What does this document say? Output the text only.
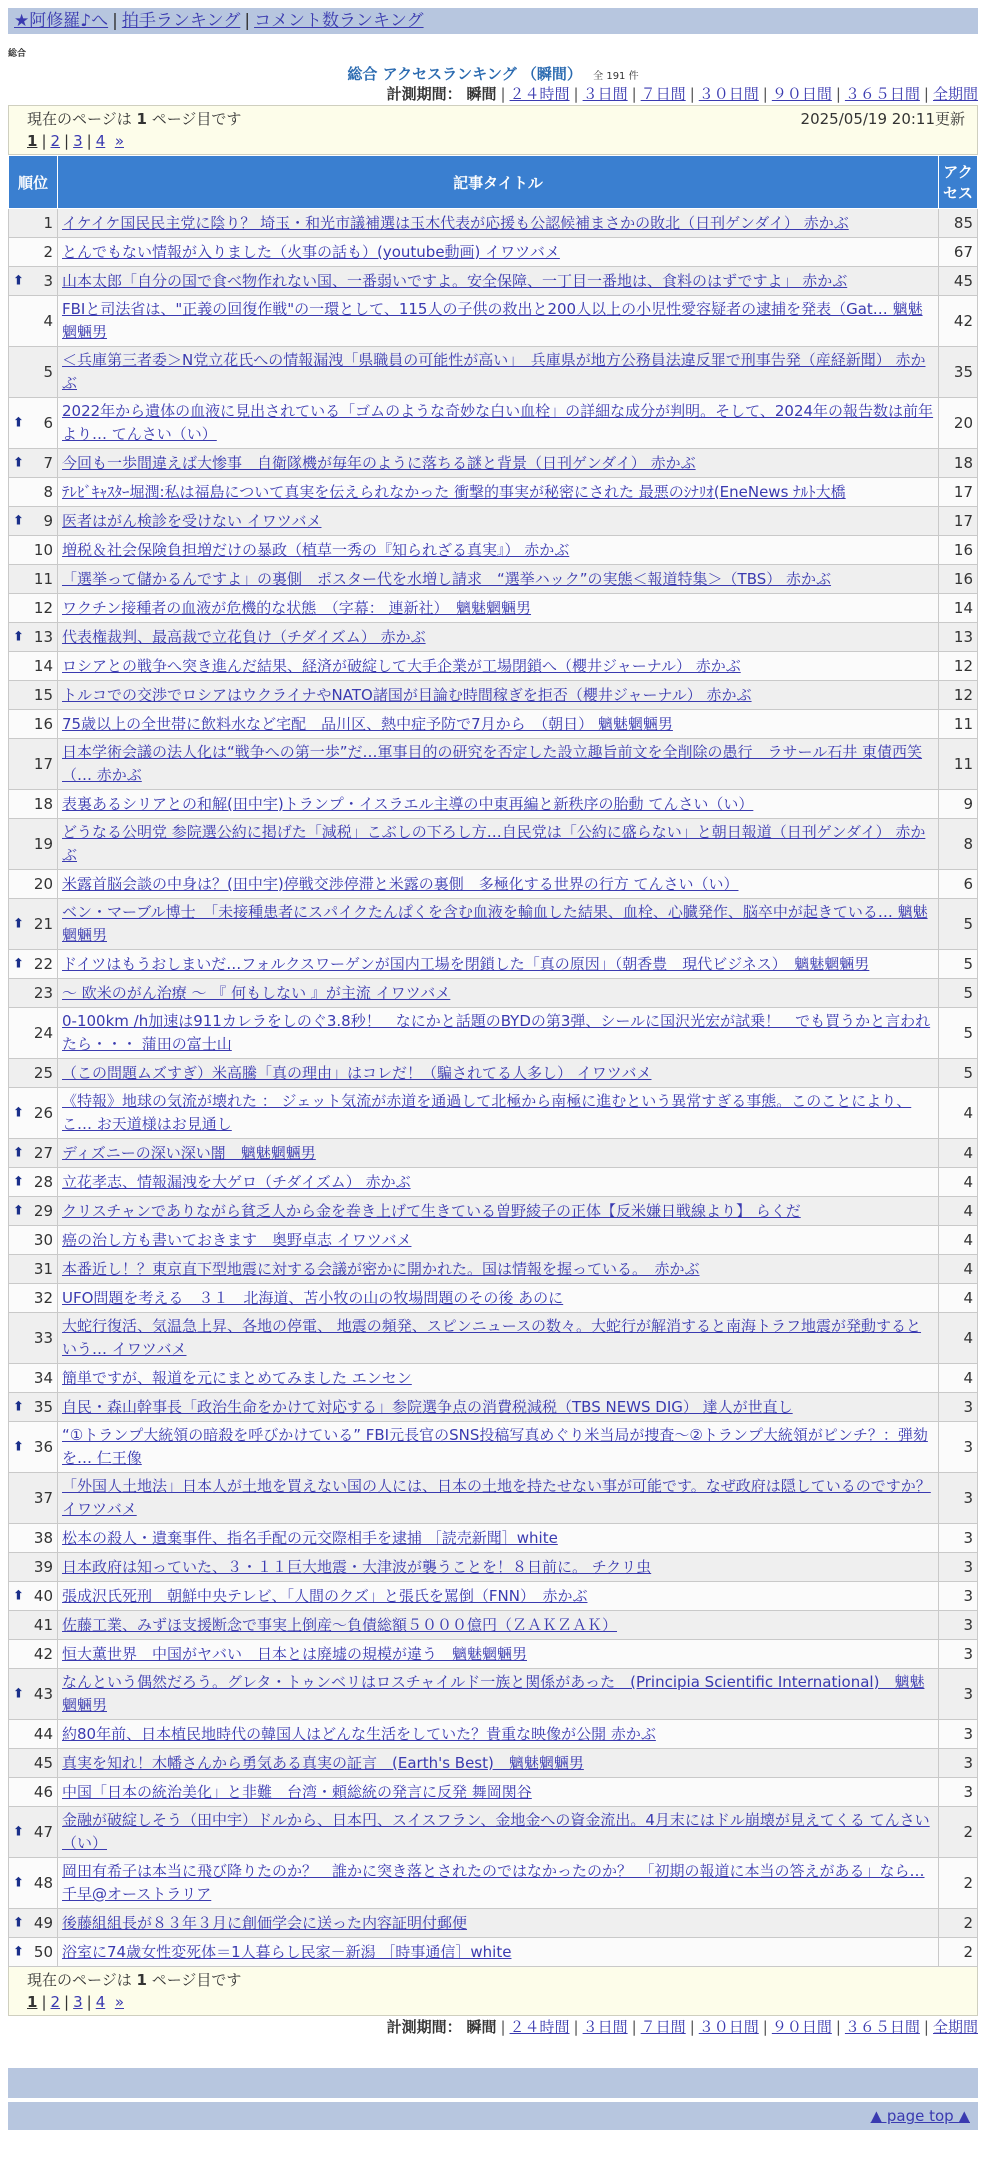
★阿修羅♪へ | 拍手ランキング | コメント数ランキング
総合
総合 アクセスランキング （瞬間） 全 191 件
計測期間： 瞬間 | ２４時間 | ３日間 | ７日間 | ３０日間 | ９０日間 | ３６５日間 | 全期間
現在のページは 1 ページ目です	2025/05/19 20:11更新
1 | 2 | 3 | 4 »
順位	記事タイトル	アクセス
1	イケイケ国民民主党に陰り？ 埼玉・和光市議補選は玉木代表が応援も公認候補まさかの敗北（日刊ゲンダイ） 赤かぶ	85
2	とんでもない情報が入りました（火事の話も）(youtube動画) イワツバメ	67

⬆ 3	山本太郎「自分の国で食べ物作れない国、一番弱いですよ。安全保障、一丁目一番地は、食料のはずですよ」 赤かぶ	45
4	FBIと司法省は、"正義の回復作戦"の一環として、115人の子供の救出と200人以上の小児性愛容疑者の逮捕を発表（Gat… 魑魅魍魎男	42
5	＜兵庫第三者委＞N党立花氏への情報漏洩「県職員の可能性が高い」　兵庫県が地方公務員法違反罪で刑事告発（産経新聞） 赤かぶ	35

⬆ 6	2022年から遺体の血液に見出されている「ゴムのような奇妙な白い血栓」の詳細な成分が判明。そして、2024年の報告数は前年より… てんさい（い）	20

⬆ 7	今回も一歩間違えば大惨事　自衛隊機が毎年のように落ちる謎と背景（日刊ゲンダイ） 赤かぶ	18
8	ﾃﾚﾋﾞｷｬｽﾀｰ堀潤:私は福島について真実を伝えられなかった 衝撃的事実が秘密にされた 最悪のｼﾅﾘｵ(EneNews ﾅﾙﾄ大橋	17

⬆ 9	医者はがん検診を受けない イワツバメ	17
10	増税＆社会保険負担増だけの暴政（植草一秀の『知られざる真実』） 赤かぶ	16
11	「選挙って儲かるんですよ」の裏側　ポスター代を水増し請求　“選挙ハック”の実態＜報道特集＞（TBS） 赤かぶ	16
12	ワクチン接種者の血液が危機的な状態　（字幕： 連新社）　魑魅魍魎男	14

⬆ 13	代表権裁判、最高裁で立花負け（チダイズム） 赤かぶ	13
14	ロシアとの戦争へ突き進んだ結果、経済が破綻して大手企業が工場閉鎖へ（櫻井ジャーナル） 赤かぶ	12
15	トルコでの交渉でロシアはウクライナやNATO諸国が目論む時間稼ぎを拒否（櫻井ジャーナル） 赤かぶ	12
16	75歳以上の全世帯に飲料水など宅配　品川区、熱中症予防で7月から　（朝日） 魑魅魍魎男	11
17	日本学術会議の法人化は“戦争への第一歩”だ…軍事目的の研究を否定した設立趣旨前文を全削除の愚行　ラサール石井 東債西笑（… 赤かぶ	11
18	表裏あるシリアとの和解(田中宇)トランプ・イスラエル主導の中東再編と新秩序の胎動 てんさい（い）	9
19	どうなる公明党 参院選公約に掲げた「減税」こぶしの下ろし方…自民党は「公約に盛らない」と朝日報道（日刊ゲンダイ） 赤かぶ	8
20	米露首脳会談の中身は？(田中宇)停戦交渉停滞と米露の裏側　多極化する世界の行方 てんさい（い）	6

⬆ 21	ベン・マーブル博士　「未接種患者にスパイクたんぱくを含む血液を輸血した結果、血栓、心臓発作、脳卒中が起きている… 魑魅魍魎男	5

⬆ 22	ドイツはもうおしまいだ…フォルクスワーゲンが国内工場を閉鎖した「真の原因」（朝香豊　現代ビジネス）　魑魅魍魎男	5
23	～ 欧米のがん治療 ～ 『 何もしない 』が主流 イワツバメ	5
24	0-100km /h加速は911カレラをしのぐ3.8秒！　なにかと話題のBYDの第3弾、シールに国沢光宏が試乗！　でも買うかと言われたら・・・ 蒲田の富士山	5
25	（この問題ムズすぎ）米高騰「真の理由」はコレだ！（騙されてる人多し） イワツバメ	5

⬆ 26	《特報》地球の気流が壊れた ： ジェット気流が赤道を通過して北極から南極に進むという異常すぎる事態。このことにより、こ… お天道様はお見通し	4

⬆ 27	ディズニーの深い深い闇　魑魅魍魎男	4

⬆ 28	立花孝志、情報漏洩を大ゲロ（チダイズム） 赤かぶ	4

⬆ 29	クリスチャンでありながら貧乏人から金を巻き上げて生きている曽野綾子の正体【反米嫌日戦線より】 らくだ	4
30	癌の治し方も書いておきます　奥野卓志 イワツバメ	4
31	本番近し！？東京直下型地震に対する会議が密かに開かれた。国は情報を握っている。　赤かぶ	4
32	UFO問題を考える　３１　北海道、苫小牧の山の牧場問題のその後 あのに	4
33	大蛇行復活、気温急上昇、各地の停電、 地震の頻発、スピンニュースの数々。大蛇行が解消すると南海トラフ地震が発動するという… イワツバメ	4
34	簡単ですが、報道を元にまとめてみました エンセン	4

⬆ 35	自民・森山幹事長「政治生命をかけて対応する」参院選争点の消費税減税（TBS NEWS DIG） 達人が世直し	3

⬆ 36	“①トランプ大統領の暗殺を呼びかけている” FBI元長官のSNS投稿写真めぐり米当局が捜査～②トランプ大統領がピンチ？：弾劾を… 仁王像	3
37	「外国人土地法」日本人が土地を買えない国の人には、日本の土地を持たせない事が可能です。なぜ政府は隠しているのですか？ イワツバメ	3
38	松本の殺人・遺棄事件、指名手配の元交際相手を逮捕 ［読売新聞］white	3
39	日本政府は知っていた、３・１１巨大地震・大津波が襲うことを！８日前に。 チクリ虫	3

⬆ 40	張成沢氏死刑　朝鮮中央テレビ、「人間のクズ」と張氏を罵倒（FNN）　赤かぶ	3
41	佐藤工業、みずほ支援断念で事実上倒産～負債総額５０００億円（ＺＡＫＺＡＫ）	3
42	恒大薫世界　中国がヤバい　日本とは廃墟の規模が違う　魑魅魍魎男	3

⬆ 43	なんという偶然だろう。グレタ・トゥンベリはロスチャイルド一族と関係があった　(Principia Scientific International)　魑魅魍魎男	3
44	約80年前、日本植民地時代の韓国人はどんな生活をしていた？貴重な映像が公開 赤かぶ	3
45	真実を知れ！木幡さんから勇気ある真実の証言　(Earth's Best)　魑魅魍魎男	3
46	中国「日本の統治美化」と非難　台湾・頼総統の発言に反発 舞岡関谷	3

⬆ 47	金融が破綻しそう（田中宇）ドルから、日本円、スイスフラン、金地金への資金流出。4月末にはドル崩壊が見えてくる てんさい（い）	2

⬆ 48	岡田有希子は本当に飛び降りたのか？　誰かに突き落とされたのではなかったのか？　「初期の報道に本当の答えがある」なら… 千早@オーストラリア	2

⬆ 49	後藤組組長が８３年３月に創価学会に送った内容証明付郵便	2

⬆ 50	浴室に74歳女性変死体＝1人暮らし民家－新潟 ［時事通信］white	2
現在のページは 1 ページ目です
1 | 2 | 3 | 4 »
計測期間： 瞬間 | ２４時間 | ３日間 | ７日間 | ３０日間 | ９０日間 | ３６５日間 | 全期間
▲ page top ▲
